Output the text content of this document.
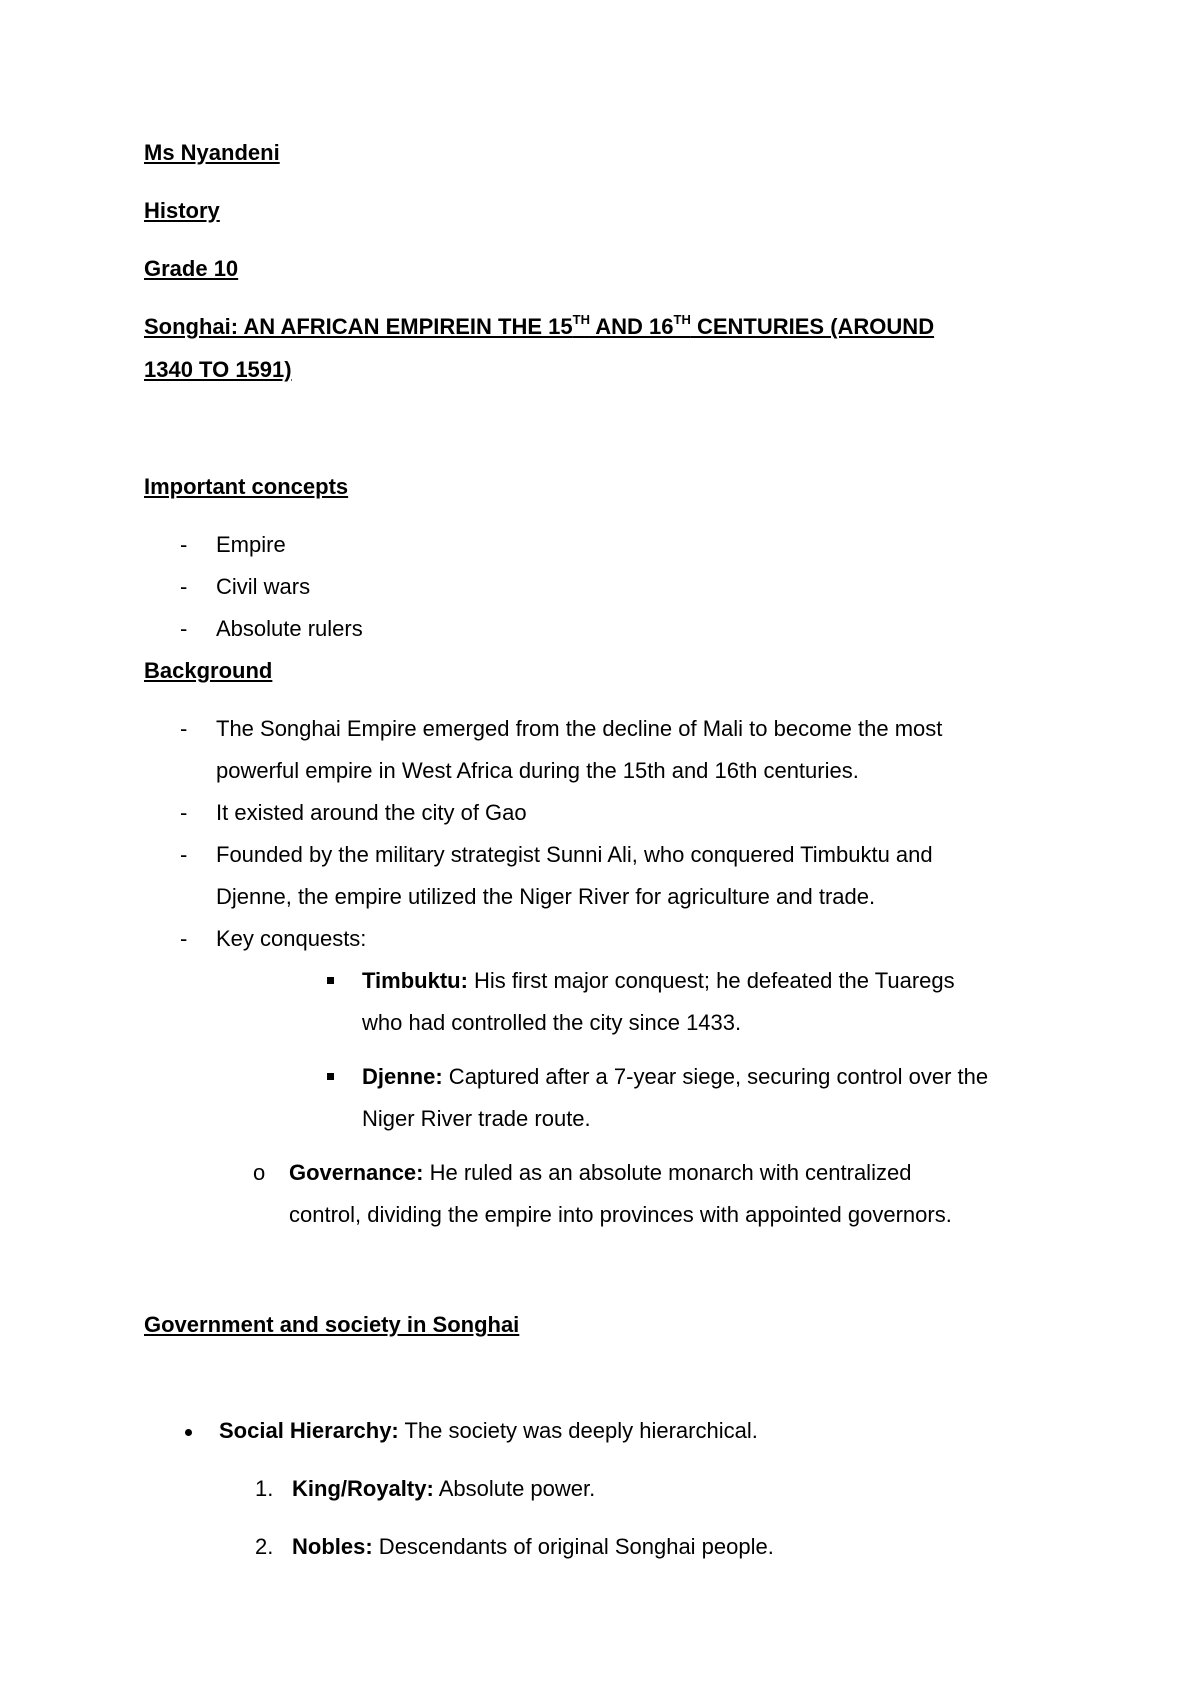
Ms Nyandeni
History
Grade 10
Songhai: AN AFRICAN EMPIREIN THE 15TH AND 16TH CENTURIES (AROUND
1340 TO 1591)
Important concepts
- Empire
- Civil wars
- Absolute rulers
Background
- The Songhai Empire emerged from the decline of Mali to become the most
powerful empire in West Africa during the 15th and 16th centuries.
- It existed around the city of Gao
- Founded by the military strategist Sunni Ali, who conquered Timbuktu and
Djenne, the empire utilized the Niger River for agriculture and trade.
- Key conquests:
Timbuktu: His first major conquest; he defeated the Tuaregs
who had controlled the city since 1433.
Djenne: Captured after a 7-year siege, securing control over the
Niger River trade route.
o Governance: He ruled as an absolute monarch with centralized
control, dividing the empire into provinces with appointed governors.
Government and society in Songhai
Social Hierarchy: The society was deeply hierarchical.
1. King/Royalty: Absolute power.
2. Nobles: Descendants of original Songhai people.
